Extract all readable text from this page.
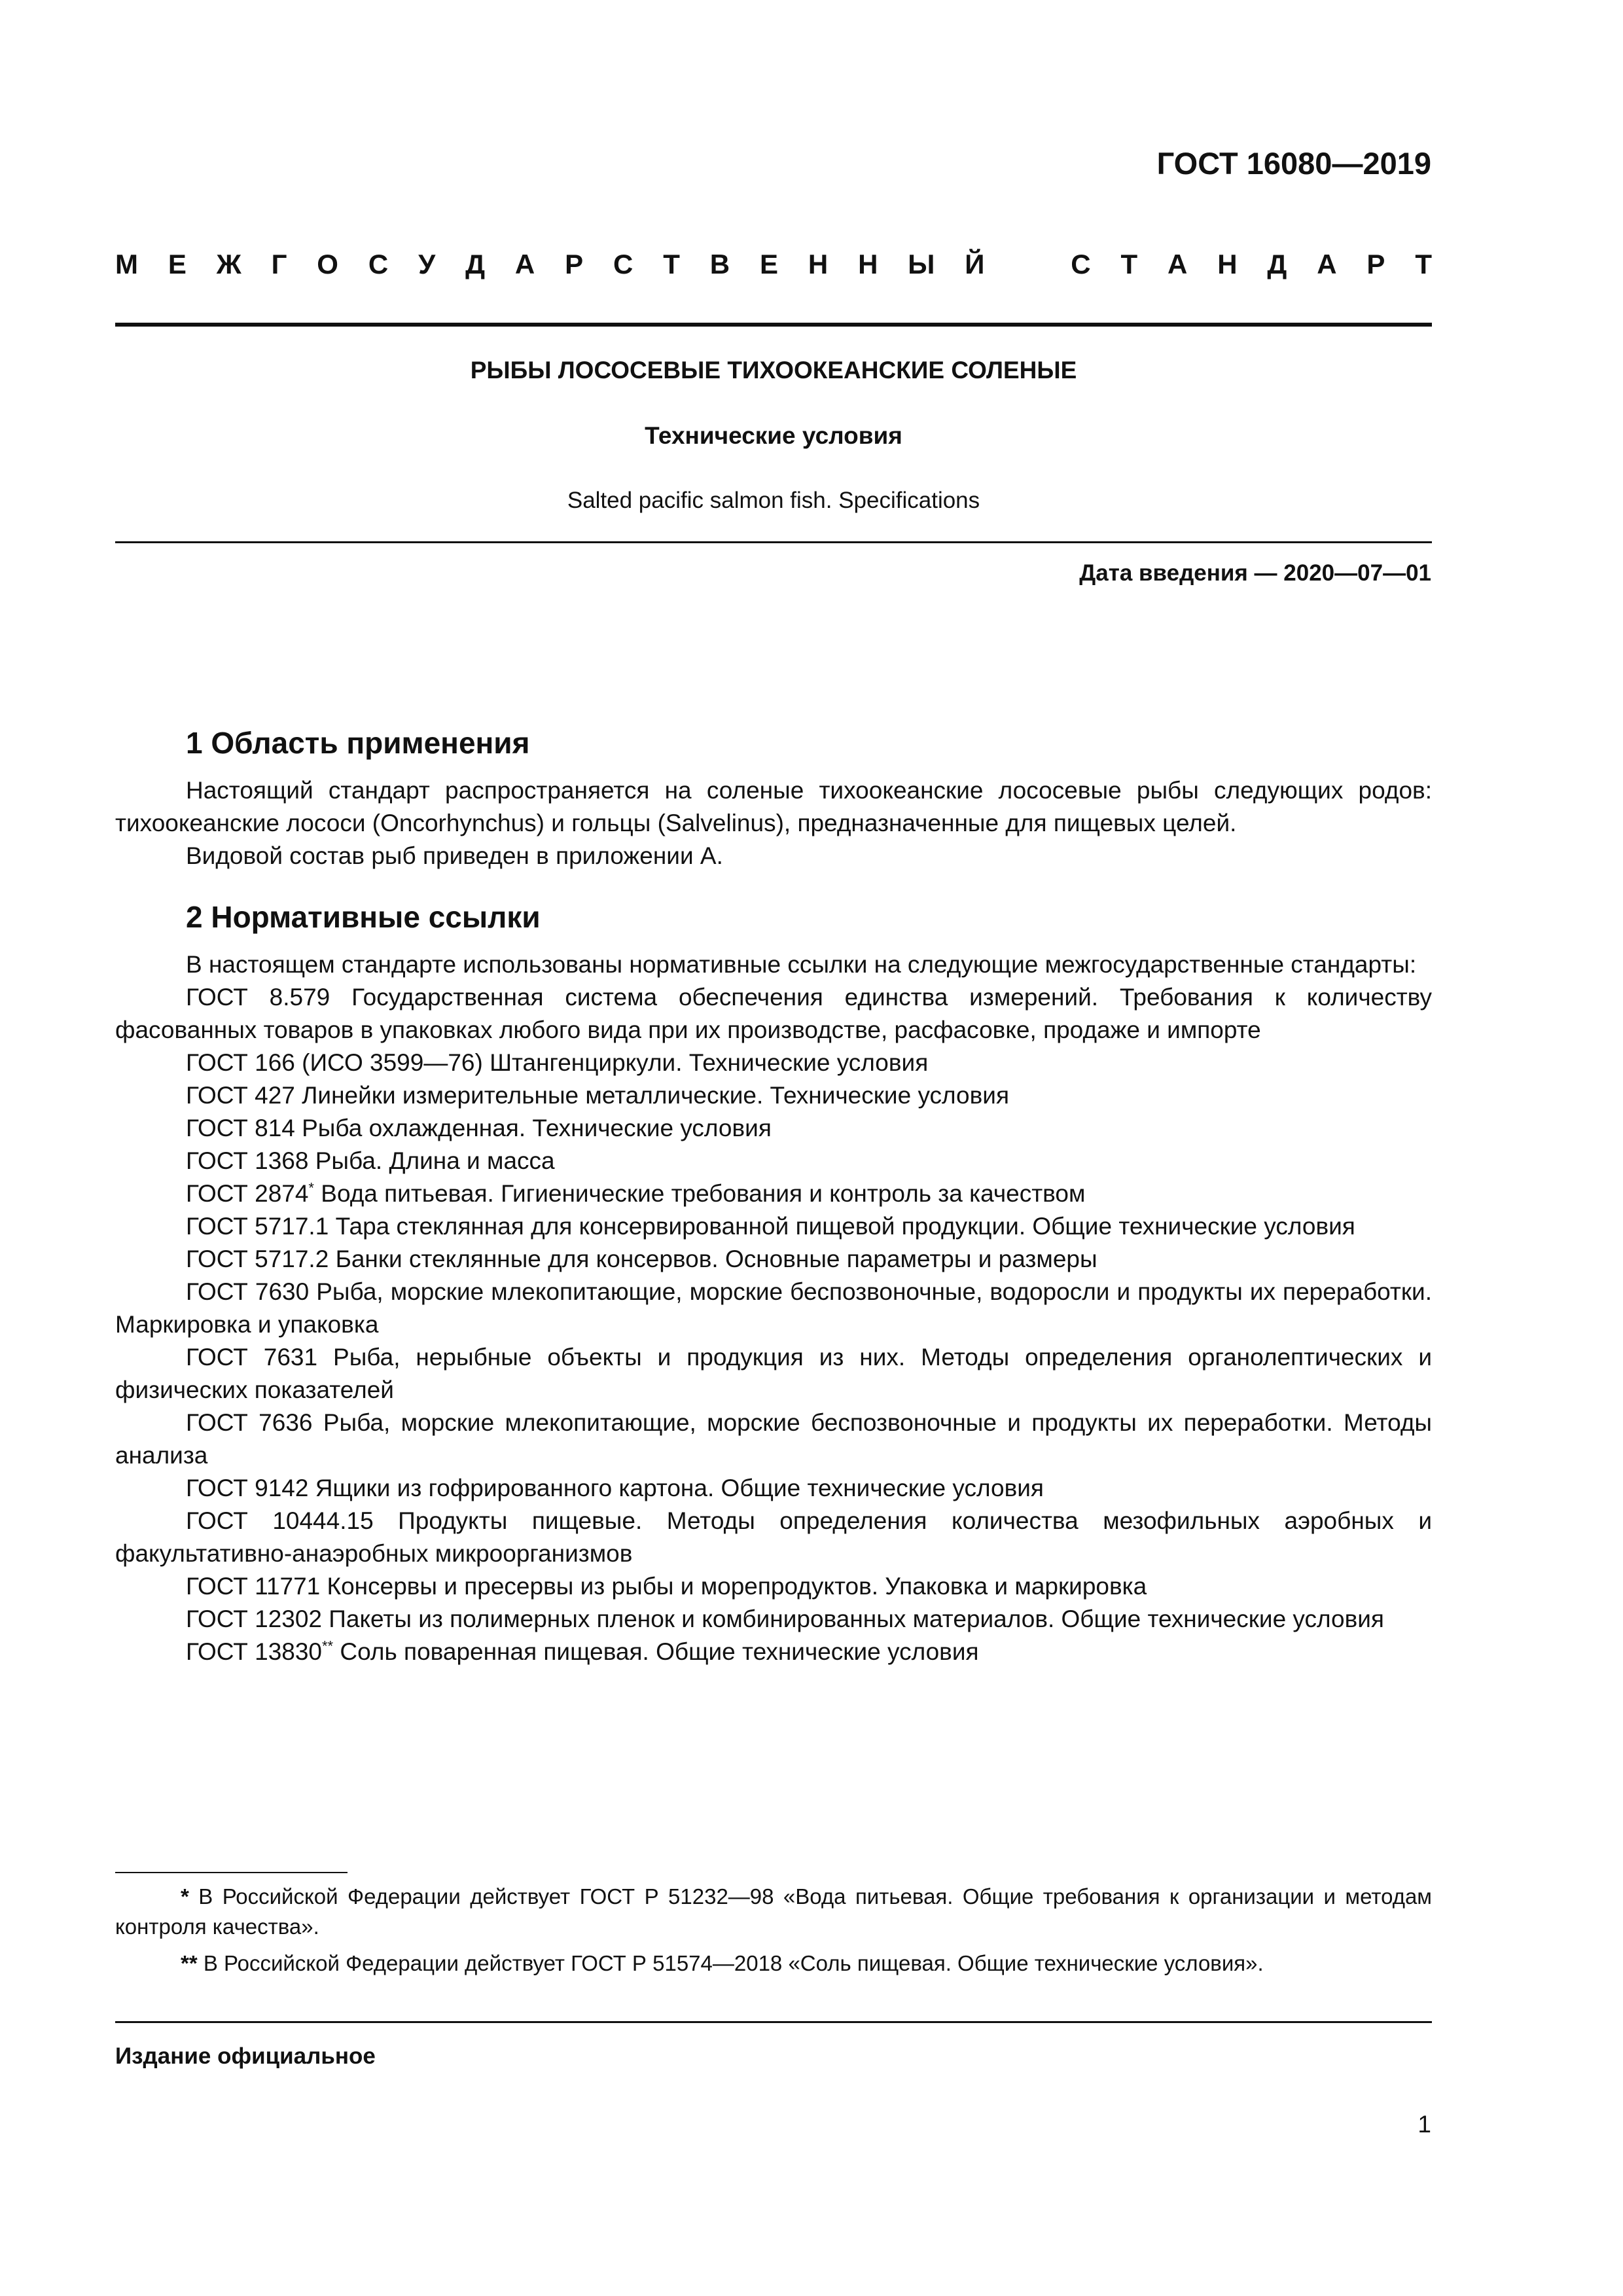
ГОСТ 16080—2019
М Е Ж Г О С У Д А Р С Т В Е Н Н Ы Й	С Т А Н Д А Р Т
РЫБЫ ЛОСОСЕВЫЕ ТИХООКЕАНСКИЕ СОЛЕНЫЕ
Технические условия
Salted pacific salmon fish. Specifications
Дата введения — 2020—07—01
1 Область применения

Настоящий стандарт распространяется на соленые тихоокеанские лососевые рыбы следующих родов: тихоокеанские лососи (Oncorhynchus) и гольцы (Salvelinus), предназначенные для пищевых целей.

Видовой состав рыб приведен в приложении А.

2 Нормативные ссылки

В настоящем стандарте использованы нормативные ссылки на следующие межгосударственные стандарты:

ГОСТ 8.579 Государственная система обеспечения единства измерений. Требования к количеству фасованных товаров в упаковках любого вида при их производстве, расфасовке, продаже и импорте

ГОСТ 166 (ИСО 3599—76) Штангенциркули. Технические условия

ГОСТ 427 Линейки измерительные металлические. Технические условия

ГОСТ 814 Рыба охлажденная. Технические условия

ГОСТ 1368 Рыба. Длина и масса

ГОСТ 2874* Вода питьевая. Гигиенические требования и контроль за качеством

ГОСТ 5717.1 Тара стеклянная для консервированной пищевой продукции. Общие технические условия

ГОСТ 5717.2 Банки стеклянные для консервов. Основные параметры и размеры

ГОСТ 7630 Рыба, морские млекопитающие, морские беспозвоночные, водоросли и продукты их переработки. Маркировка и упаковка

ГОСТ 7631 Рыба, нерыбные объекты и продукция из них. Методы определения органолептических и физических показателей

ГОСТ 7636 Рыба, морские млекопитающие, морские беспозвоночные и продукты их переработки. Методы анализа

ГОСТ 9142 Ящики из гофрированного картона. Общие технические условия

ГОСТ 10444.15 Продукты пищевые. Методы определения количества мезофильных аэробных и факультативно-анаэробных микроорганизмов

ГОСТ 11771 Консервы и пресервы из рыбы и морепродуктов. Упаковка и маркировка

ГОСТ 12302 Пакеты из полимерных пленок и комбинированных материалов. Общие технические условия

ГОСТ 13830** Соль поваренная пищевая. Общие технические условия

* В Российской Федерации действует ГОСТ Р 51232—98 «Вода питьевая. Общие требования к организации и методам контроля качества».

** В Российской Федерации действует ГОСТ Р 51574—2018 «Соль пищевая. Общие технические условия».

Издание официальное
1
